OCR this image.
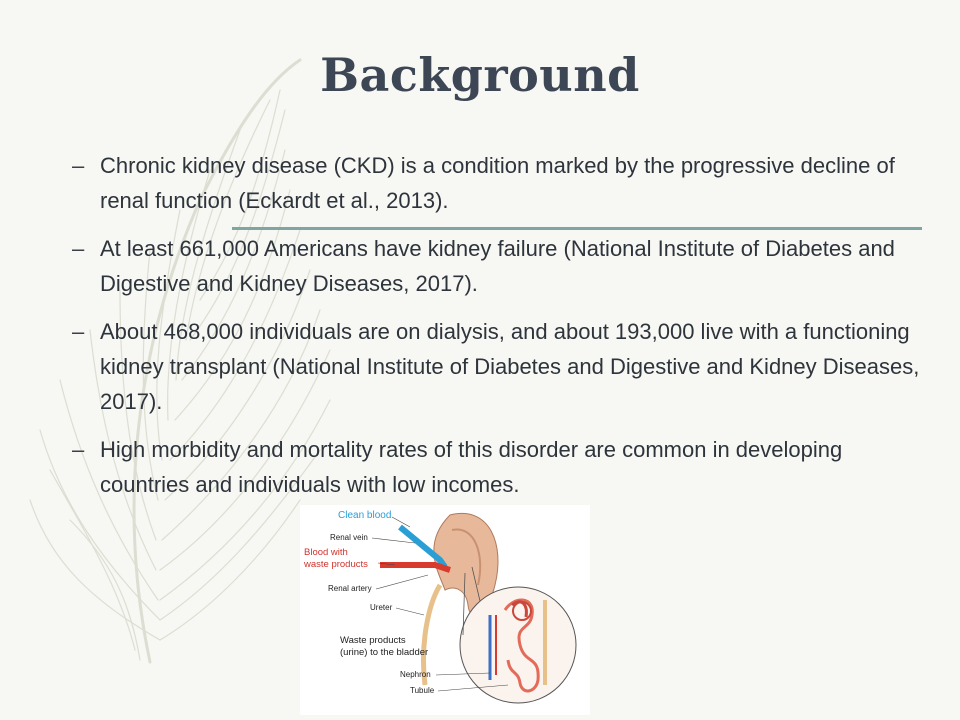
Background
– Chronic kidney disease (CKD) is a condition marked by the progressive decline of renal function (Eckardt et al., 2013).
– At least 661,000 Americans have kidney failure (National Institute of Diabetes and Digestive and Kidney Diseases, 2017).
– About 468,000 individuals are on dialysis, and about 193,000 live with a functioning kidney transplant (National Institute of Diabetes and Digestive and Kidney Diseases, 2017).
– High morbidity and mortality rates of this disorder are common in developing countries and individuals with low incomes.
Clean blood
Renal vein
Blood with
waste products
Renal artery
Ureter
Waste products
(urine) to the bladder
Nephron
Tubule
